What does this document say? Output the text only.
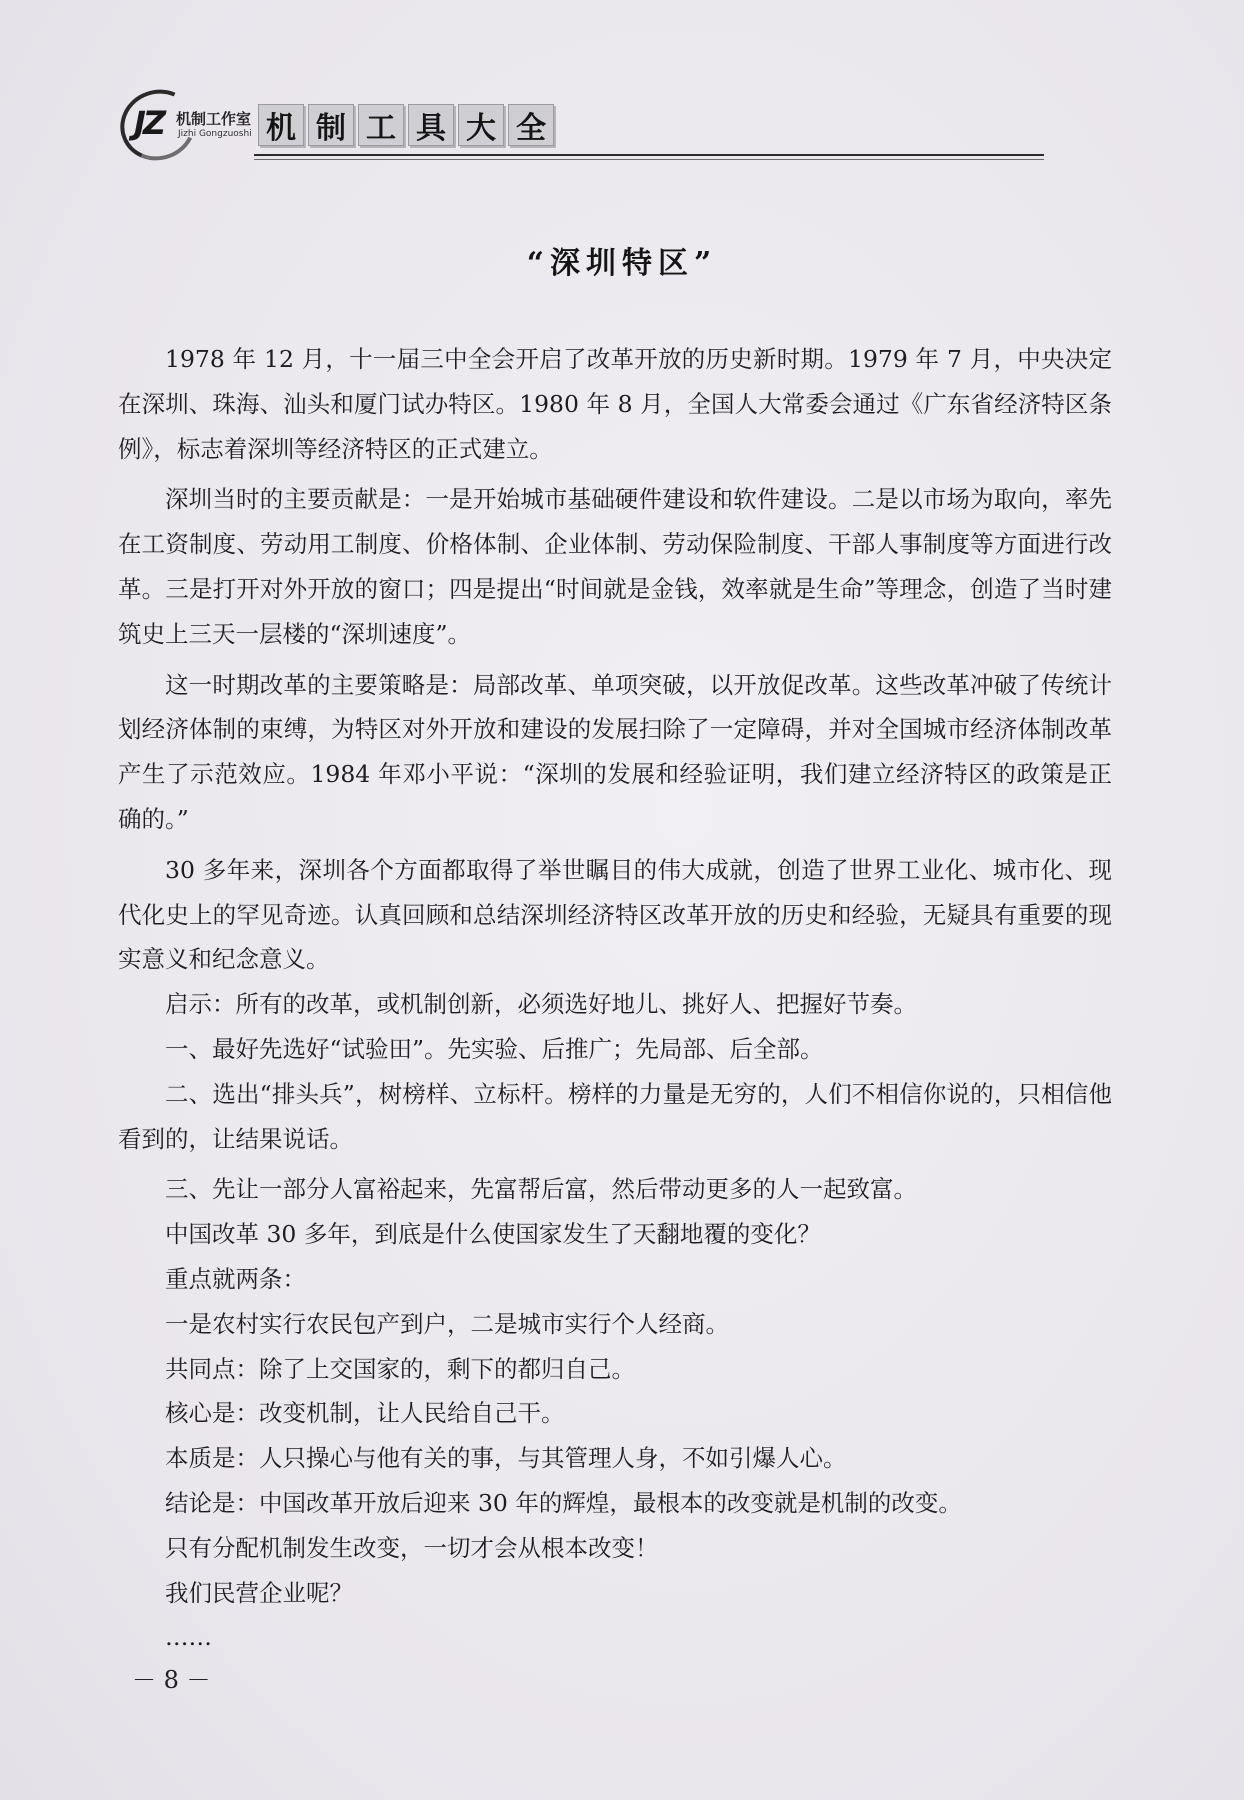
JZ 机制工作室
Jizhi Gongzuoshi 机 制 工 具 大 全
“深圳特区”

1978 年 12 月，十一届三中全会开启了改革开放的历史新时期。1979 年 7 月，中央决定在深圳、珠海、汕头和厦门试办特区。1980 年 8 月，全国人大常委会通过《广东省经济特区条例》，标志着深圳等经济特区的正式建立。

深圳当时的主要贡献是：一是开始城市基础硬件建设和软件建设。二是以市场为取向，率先在工资制度、劳动用工制度、价格体制、企业体制、劳动保险制度、干部人事制度等方面进行改革。三是打开对外开放的窗口；四是提出“时间就是金钱，效率就是生命”等理念，创造了当时建筑史上三天一层楼的“深圳速度”。

这一时期改革的主要策略是：局部改革、单项突破，以开放促改革。这些改革冲破了传统计划经济体制的束缚，为特区对外开放和建设的发展扫除了一定障碍，并对全国城市经济体制改革产生了示范效应。1984 年邓小平说：“深圳的发展和经验证明，我们建立经济特区的政策是正确的。”

30 多年来，深圳各个方面都取得了举世瞩目的伟大成就，创造了世界工业化、城市化、现代化史上的罕见奇迹。认真回顾和总结深圳经济特区改革开放的历史和经验，无疑具有重要的现实意义和纪念意义。

启示：所有的改革，或机制创新，必须选好地儿、挑好人、把握好节奏。

一、最好先选好“试验田”。先实验、后推广；先局部、后全部。

二、选出“排头兵”，树榜样、立标杆。榜样的力量是无穷的，人们不相信你说的，只相信他看到的，让结果说话。

三、先让一部分人富裕起来，先富帮后富，然后带动更多的人一起致富。

中国改革 30 多年，到底是什么使国家发生了天翻地覆的变化？

重点就两条：

一是农村实行农民包产到户，二是城市实行个人经商。

共同点：除了上交国家的，剩下的都归自己。

核心是：改变机制，让人民给自己干。

本质是：人只操心与他有关的事，与其管理人身，不如引爆人心。

结论是：中国改革开放后迎来 30 年的辉煌，最根本的改变就是机制的改变。

只有分配机制发生改变，一切才会从根本改变！

我们民营企业呢？

……

－ 8 －
